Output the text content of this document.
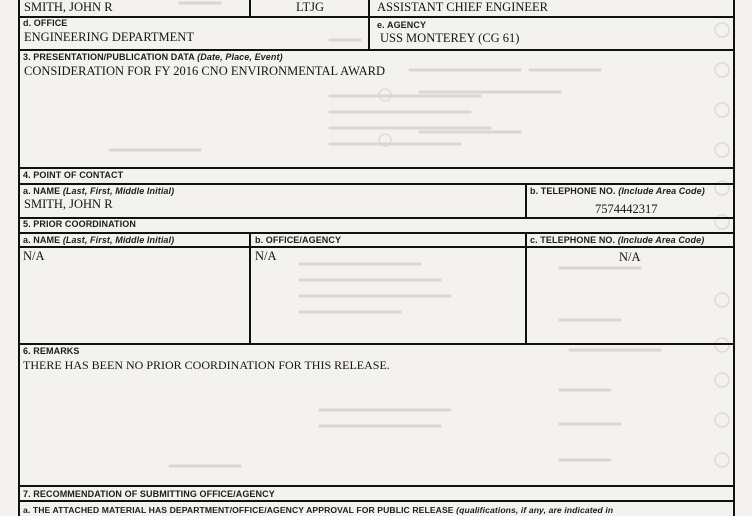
SMITH, JOHN R	LTJG	ASSISTANT CHIEF ENGINEER
d. OFFICE
ENGINEERING DEPARTMENT
e. AGENCY
USS MONTEREY (CG 61)
3. PRESENTATION/PUBLICATION DATA (Date, Place, Event)
CONSIDERATION FOR FY 2016 CNO ENVIRONMENTAL AWARD
4. POINT OF CONTACT
a. NAME (Last, First, Middle Initial)
SMITH, JOHN R
b. TELEPHONE NO. (Include Area Code)
7574442317
5. PRIOR COORDINATION
a. NAME (Last, First, Middle Initial)	b. OFFICE/AGENCY	c. TELEPHONE NO. (Include Area Code)
N/A	N/A	N/A
6. REMARKS
THERE HAS BEEN NO PRIOR COORDINATION FOR THIS RELEASE.
7. RECOMMENDATION OF SUBMITTING OFFICE/AGENCY
a. THE ATTACHED MATERIAL HAS DEPARTMENT/OFFICE/AGENCY APPROVAL FOR PUBLIC RELEASE (qualifications, if any, are indicated in
